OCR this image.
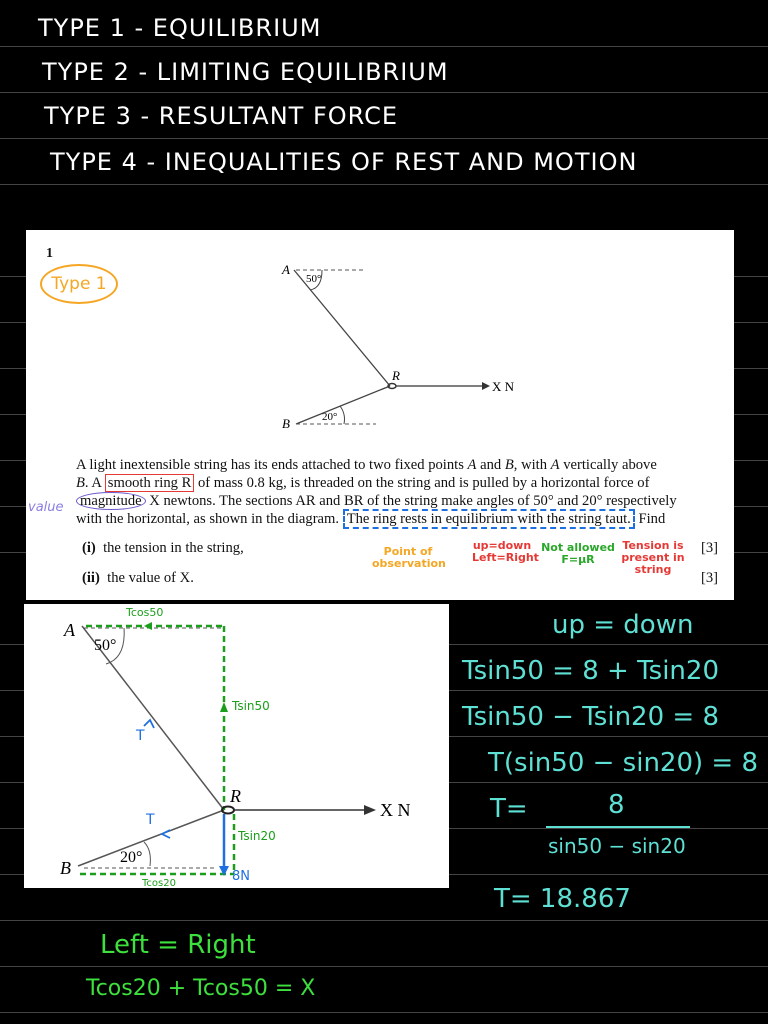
TYPE 1 - EQUILIBRIUM
TYPE 2 - LIMITING EQUILIBRIUM
TYPE 3 - RESULTANT FORCE
TYPE 4 - INEQUALITIES OF REST AND MOTION
1
Type 1
A
B
R
50°
20°
X N
A light inextensible string has its ends attached to two fixed points A and B, with A vertically above
B. A smooth ring R of mass 0.8 kg, is threaded on the string and is pulled by a horizontal force of
magnitude X newtons. The sections AR and BR of the string make angles of 50° and 20° respectively
with the horizontal, as shown in the diagram. The ring rests in equilibrium with the string taut. Find
(i) the tension in the string,
(ii) the value of X.
[3]
[3]
Point of observation
up=down Left=Right
Not allowed F=μR
Tension is present in string
value
A
B
R
50°
20°
X N
Tcos50
Tsin50
Tsin20
Tcos20
T
T
8N
up = down
Tsin50 = 8 + Tsin20
Tsin50 − Tsin20 = 8
T(sin50 − sin20) = 8
T=	8
sin50 − sin20
T= 18.867
Left = Right
Tcos20 + Tcos50 = X
